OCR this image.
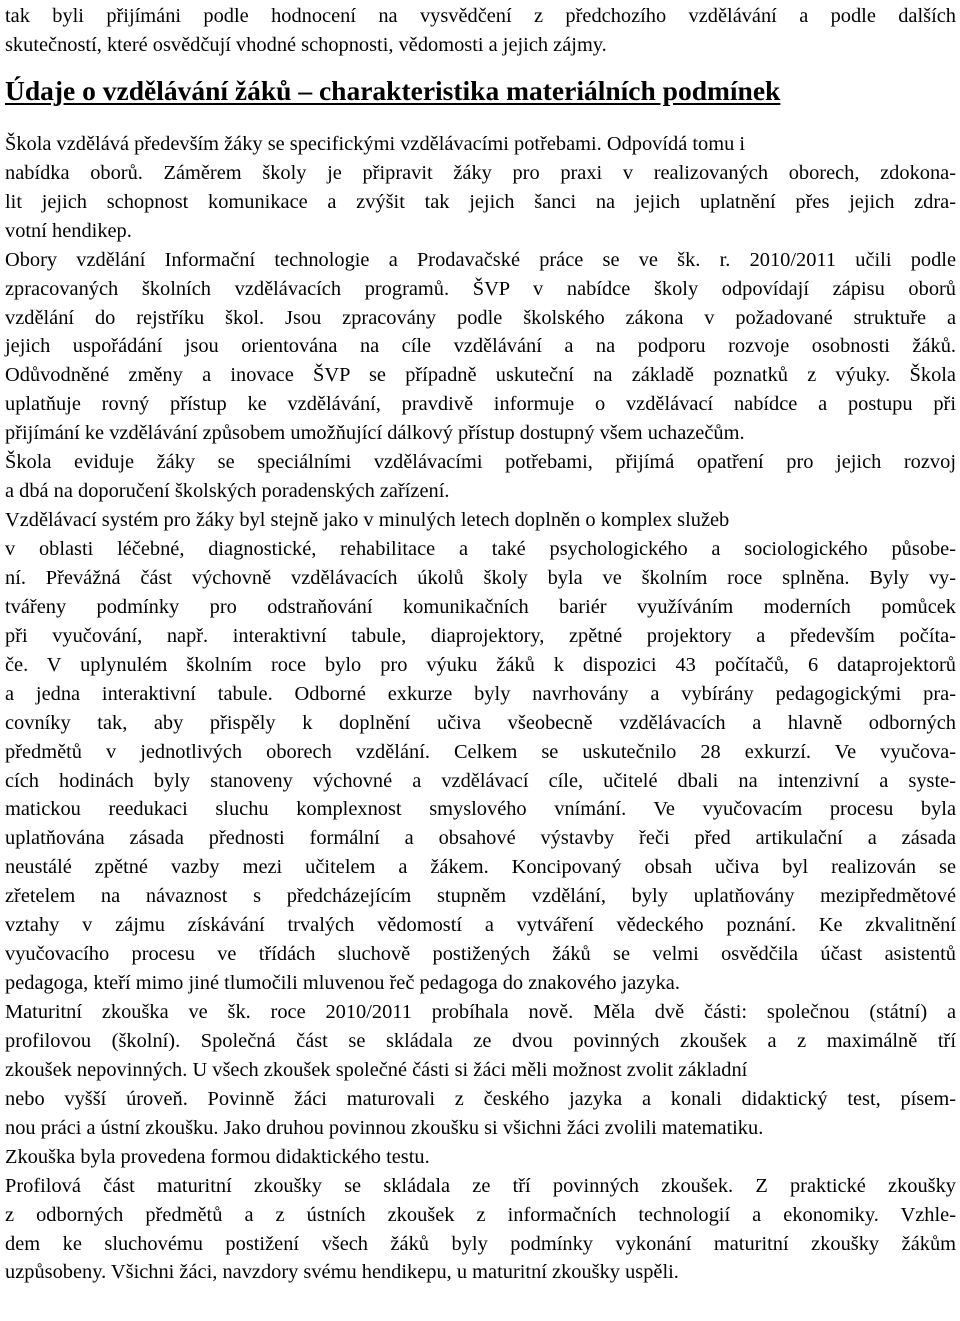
tak byli přijímáni podle hodnocení na vysvědčení z předchozího vzdělávání a podle dalších
skutečností, které osvědčují vhodné schopnosti, vědomosti a jejich zájmy.
Údaje o vzdělávání žáků – charakteristika materiálních podmínek
Škola vzdělává především žáky se specifickými vzdělávacími potřebami. Odpovídá tomu i
nabídka oborů. Záměrem školy je připravit žáky pro praxi v realizovaných oborech, zdokona-
lit jejich schopnost komunikace a zvýšit tak jejich šanci na jejich uplatnění přes jejich zdra-
votní hendikep.
Obory vzdělání Informační technologie a Prodavačské práce se ve šk. r. 2010/2011 učili podle
zpracovaných školních vzdělávacích programů. ŠVP v nabídce školy odpovídají zápisu oborů
vzdělání do rejstříku škol. Jsou zpracovány podle školského zákona v požadované struktuře a
jejich uspořádání jsou orientována na cíle vzdělávání a na podporu rozvoje osobnosti žáků.
Odůvodněné změny a inovace ŠVP se případně uskuteční na základě poznatků z výuky. Škola
uplatňuje rovný přístup ke vzdělávání, pravdivě informuje o vzdělávací nabídce a postupu při
přijímání ke vzdělávání způsobem umožňující dálkový přístup dostupný všem uchazečům.
Škola eviduje žáky se speciálními vzdělávacími potřebami, přijímá opatření pro jejich rozvoj
a dbá na doporučení školských poradenských zařízení.
Vzdělávací systém pro žáky byl stejně jako v minulých letech doplněn o komplex služeb
v oblasti léčebné, diagnostické, rehabilitace a také psychologického a sociologického působe-
ní. Převážná část výchovně vzdělávacích úkolů školy byla ve školním roce splněna. Byly vy-
tvářeny podmínky pro odstraňování komunikačních bariér využíváním moderních pomůcek
při vyučování, např. interaktivní tabule, diaprojektory, zpětné projektory a především počíta-
če. V uplynulém školním roce bylo pro výuku žáků k dispozici 43 počítačů, 6 dataprojektorů
a jedna interaktivní tabule. Odborné exkurze byly navrhovány a vybírány pedagogickými pra-
covníky tak, aby přispěly k doplnění učiva všeobecně vzdělávacích a hlavně odborných
předmětů v jednotlivých oborech vzdělání. Celkem se uskutečnilo 28 exkurzí. Ve vyučova-
cích hodinách byly stanoveny výchovné a vzdělávací cíle, učitelé dbali na intenzivní a syste-
matickou reedukaci sluchu komplexnost smyslového vnímání. Ve vyučovacím procesu byla
uplatňována zásada přednosti formální a obsahové výstavby řeči před artikulační a zásada
neustálé zpětné vazby mezi učitelem a žákem. Koncipovaný obsah učiva byl realizován se
zřetelem na návaznost s předcházejícím stupněm vzdělání, byly uplatňovány mezipředmětové
vztahy v zájmu získávání trvalých vědomostí a vytváření vědeckého poznání. Ke zkvalitnění
vyučovacího procesu ve třídách sluchově postižených žáků se velmi osvědčila účast asistentů
pedagoga, kteří mimo jiné tlumočili mluvenou řeč pedagoga do znakového jazyka.
Maturitní zkouška ve šk. roce 2010/2011 probíhala nově. Měla dvě části: společnou (státní) a
profilovou (školní). Společná část se skládala ze dvou povinných zkoušek a z maximálně tří
zkoušek nepovinných. U všech zkoušek společné části si žáci měli možnost zvolit základní
nebo vyšší úroveň. Povinně žáci maturovali z českého jazyka a konali didaktický test, písem-
nou práci a ústní zkoušku. Jako druhou povinnou zkoušku si všichni žáci zvolili matematiku.
Zkouška byla provedena formou didaktického testu.
Profilová část maturitní zkoušky se skládala ze tří povinných zkoušek. Z praktické zkoušky
z odborných předmětů a z ústních zkoušek z informačních technologií a ekonomiky. Vzhle-
dem ke sluchovému postižení všech žáků byly podmínky vykonání maturitní zkoušky žákům
uzpůsobeny. Všichni žáci, navzdory svému hendikepu, u maturitní zkoušky uspěli.
